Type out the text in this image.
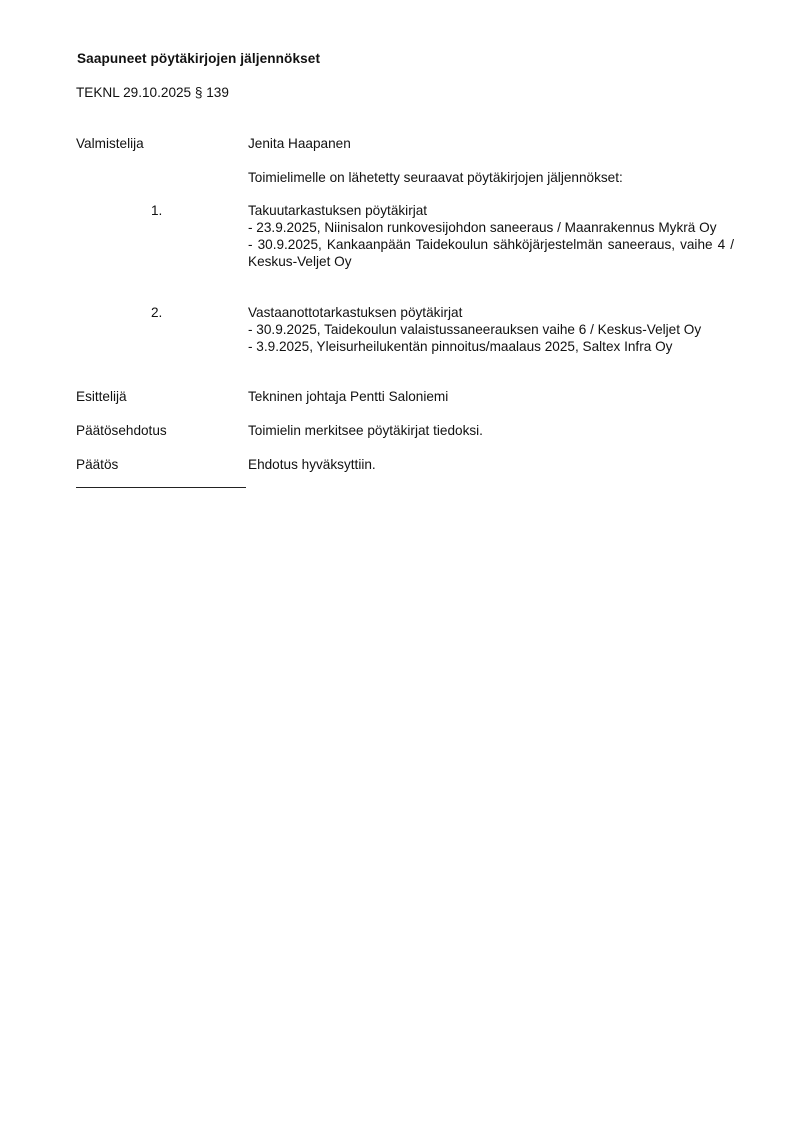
Saapuneet pöytäkirjojen jäljennökset
TEKNL 29.10.2025 § 139
Valmistelija	Jenita Haapanen
Toimielimelle on lähetetty seuraavat pöytäkirjojen jäljennökset:
1.	Takuutarkastuksen pöytäkirjat
- 23.9.2025, Niinisalon runkovesijohdon saneeraus / Maanrakennus Mykrä Oy
- 30.9.2025, Kankaanpään Taidekoulun sähköjärjestelmän saneeraus, vaihe 4 / Keskus-Veljet Oy
2.	Vastaanottotarkastuksen pöytäkirjat
- 30.9.2025, Taidekoulun valaistussaneerauksen vaihe 6 / Keskus-Veljet Oy
- 3.9.2025, Yleisurheilukentän pinnoitus/maalaus 2025, Saltex Infra Oy
Esittelijä	Tekninen johtaja Pentti Saloniemi
Päätösehdotus	Toimielin merkitsee pöytäkirjat tiedoksi.
Päätös	Ehdotus hyväksyttiin.
